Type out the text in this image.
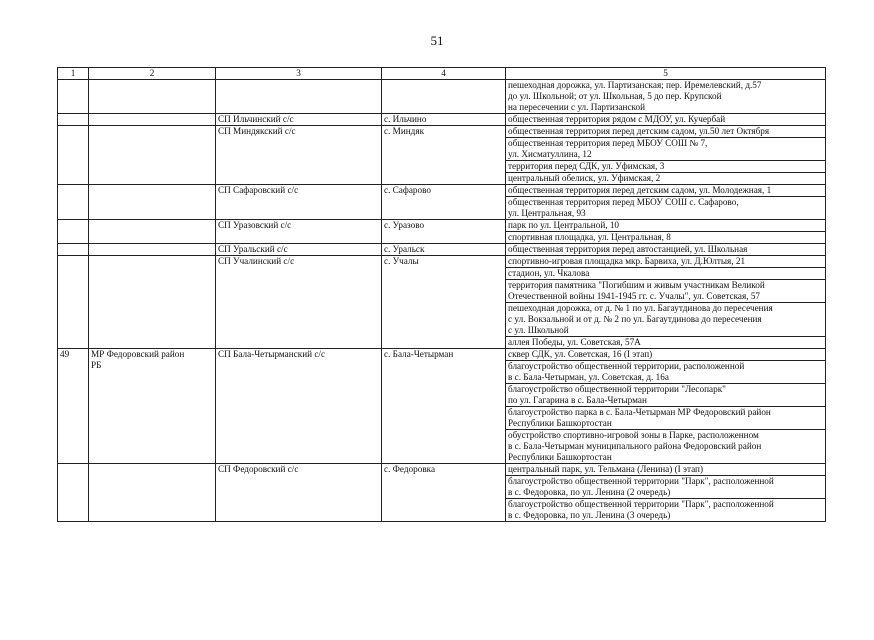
51
1	2	3	4	5

				пешеходная дорожка, ул. Партизанская; пер. Иремелевский, д.57
до ул. Школьной; от ул. Школьная, 5 до пер. Крупской
на пересечении с ул. Партизанской

		СП Ильчинский с/с	с. Ильчино	общественная территория рядом с МДОУ, ул. Кучербай

		СП Миндякский с/с	с. Миндяк	общественная территория перед детским садом, ул.50 лет Октября

				общественная территория перед МБОУ СОШ № 7,
ул. Хисматуллина, 12

				территория перед СДК, ул. Уфимская, 3

				центральный обелиск, ул. Уфимская, 2

		СП Сафаровский с/с	с. Сафарово	общественная территория перед детским садом, ул. Молодежная, 1

				общественная территория перед МБОУ СОШ с. Сафарово,
ул. Центральная, 93

		СП Уразовский с/с	с. Уразово	парк по ул. Центральной, 10

				спортивная площадка, ул. Центральная, 8

		СП Уральский с/с	с. Уральск	общественная территория перед автостанцией, ул. Школьная

		СП Учалинский с/с	с. Учалы	спортивно-игровая площадка мкр. Барвиха, ул. Д.Юлтыя, 21

				стадион, ул. Чкалова

				территория памятника "Погибшим и живым участникам Великой
Отечественной войны 1941-1945 гг. с. Учалы", ул. Советская, 57

				пешеходная дорожка, от д. № 1 по ул. Багаутдинова до пересечения
с ул. Вокзальной и от д. № 2 по ул. Багаутдинова до пересечения
с ул. Школьной

				аллея Победы, ул. Советская, 57А

49	МР Федоровский район
РБ	СП Бала-Четырманский с/с	с. Бала-Четырман	сквер СДК, ул. Советская, 16 (I этап)

				благоустройство общественной территории, расположенной
в с. Бала-Четырман, ул. Советская, д. 16а

				благоустройство общественной территории "Лесопарк"
по ул. Гагарина в с. Бала-Четырман

				благоустройство парка в с. Бала-Четырман МР Федоровский район
Республики Башкортостан

				обустройство спортивно-игровой зоны в Парке, расположенном
в с. Бала-Четырман муниципального района Федоровский район
Республики Башкортостан

		СП Федоровский с/с	с. Федоровка	центральный парк, ул. Тельмана (Ленина) (I этап)

				благоустройство общественной территории "Парк", расположенной
в с. Федоровка, по ул. Ленина (2 очередь)

				благоустройство общественной территории "Парк", расположенной
в с. Федоровка, по ул. Ленина (3 очередь)
